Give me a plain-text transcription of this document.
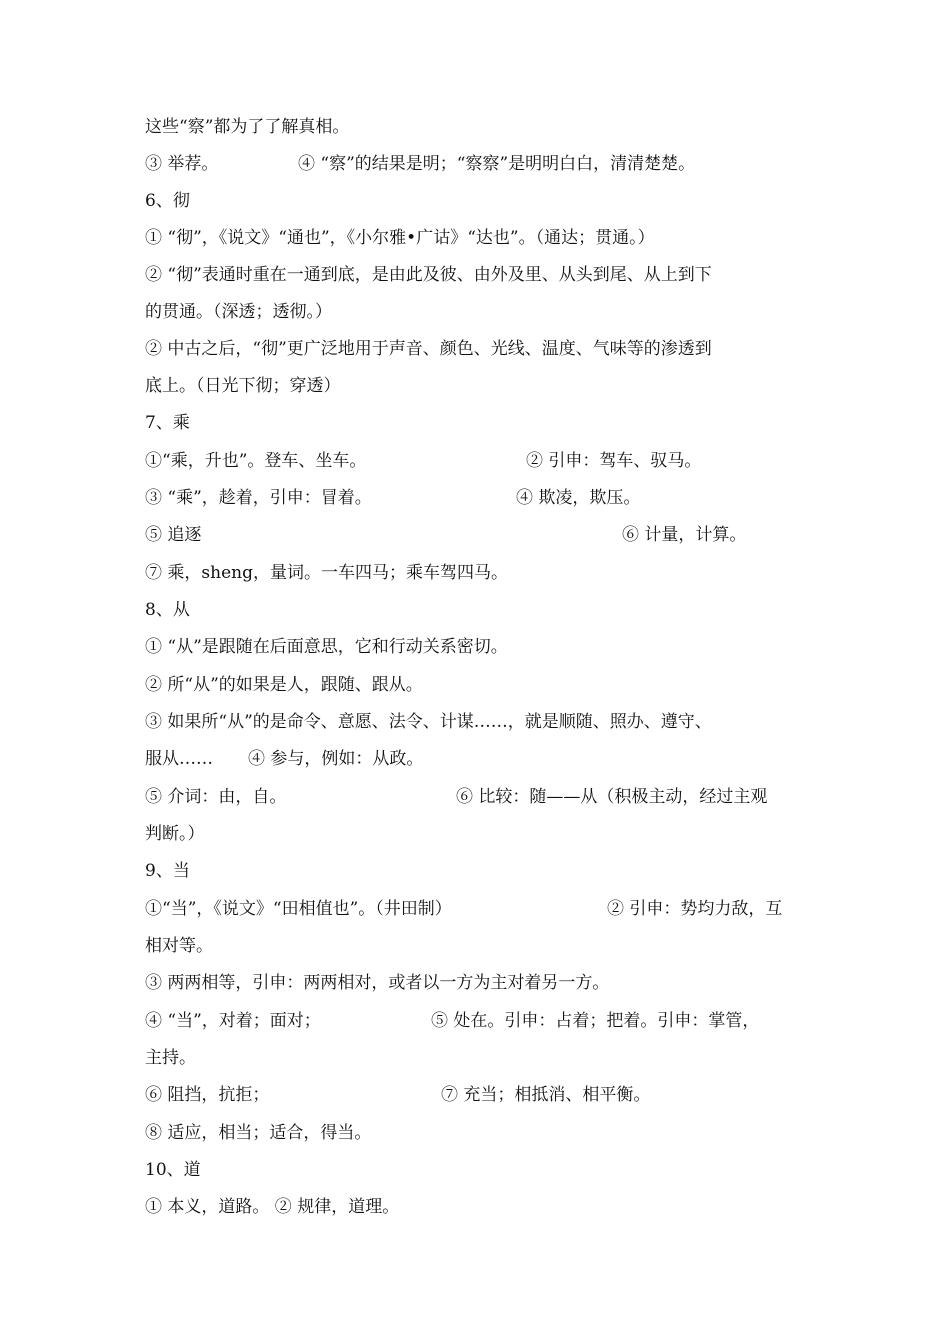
这些“察”都为了了解真相。
③ 举荐。	④ “察”的结果是明；“察察”是明明白白，清清楚楚。
6、彻
① “彻”，《说文》“通也”，《小尔雅•广诂》“达也”。（通达；贯通。）
② “彻”表通时重在一通到底，是由此及彼、由外及里、从头到尾、从上到下
的贯通。（深透；透彻。）
② 中古之后，“彻”更广泛地用于声音、颜色、光线、温度、气味等的渗透到
底上。（日光下彻；穿透）
7、乘
①“乘，升也”。登车、坐车。	② 引申：驾车、驭马。
③ “乘”，趁着，引申：冒着。	④ 欺凌，欺压。
⑤ 追逐	⑥ 计量，计算。
⑦ 乘，sheng，量词。一车四马；乘车驾四马。
8、从
① “从”是跟随在后面意思，它和行动关系密切。
② 所“从”的如果是人，跟随、跟从。
③ 如果所“从”的是命令、意愿、法令、计谋……，就是顺随、照办、遵守、
服从…… ④ 参与，例如：从政。
⑤ 介词：由，自。	⑥ 比较：随——从（积极主动，经过主观
判断。）
9、当
①“当”，《说文》“田相值也”。（井田制）	② 引申：势均力敌，互
相对等。
③ 两两相等，引申：两两相对，或者以一方为主对着另一方。
④ “当”，对着；面对；	⑤ 处在。引申：占着；把着。引申：掌管，
主持。
⑥ 阻挡，抗拒；	⑦ 充当；相抵消、相平衡。
⑧ 适应，相当；适合，得当。
10、道
① 本义，道路。 ② 规律，道理。
